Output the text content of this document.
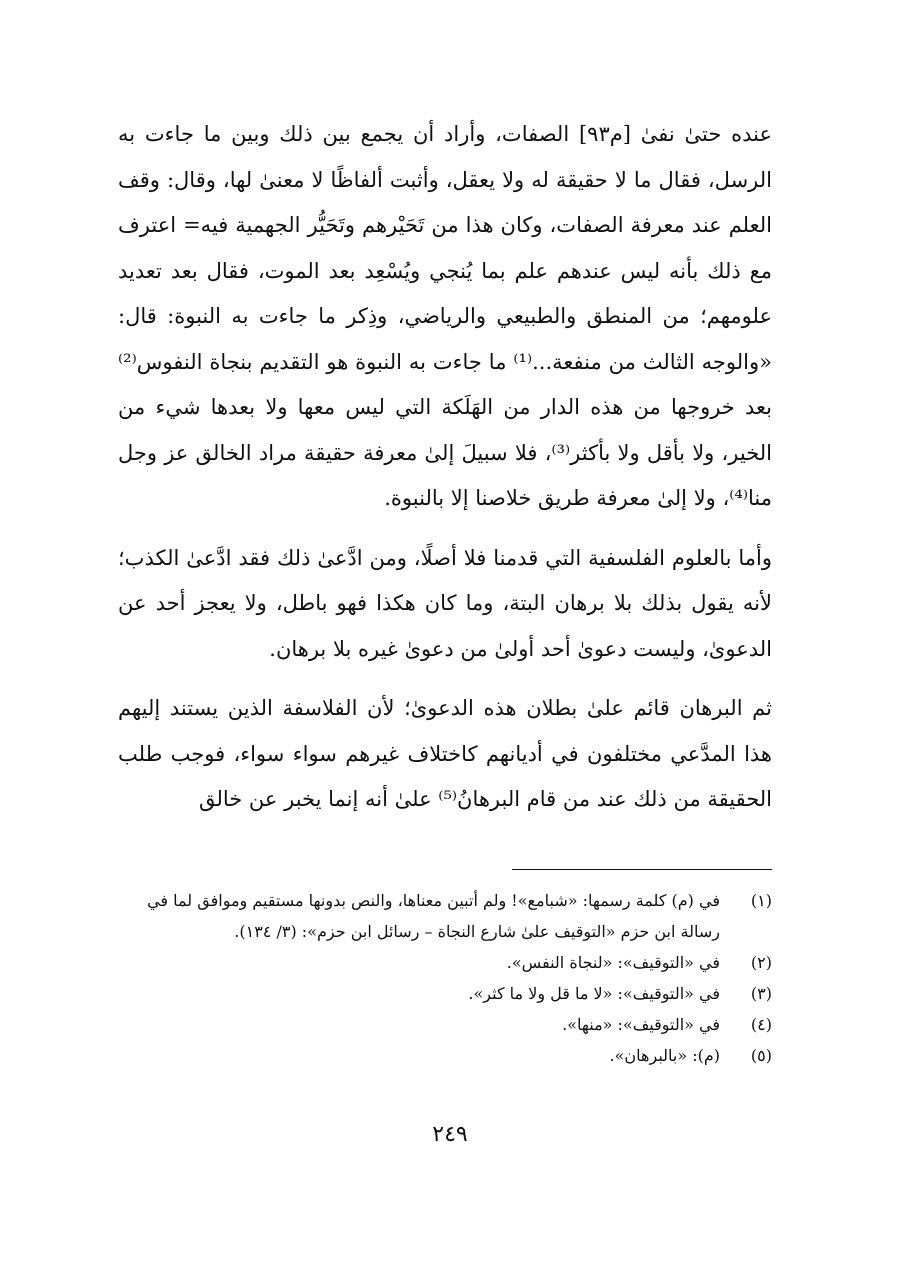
عنده حتىٰ نفىٰ [م٩٣] الصفات، وأراد أن يجمع بين ذلك وبين ما جاءت به الرسل، فقال ما لا حقيقة له ولا يعقل، وأثبت ألفاظًا لا معنىٰ لها، وقال: وقف العلم عند معرفة الصفات، وكان هذا من تَحَيْرهم وتَحَيُّر الجهمية فيه= اعترف مع ذلك بأنه ليس عندهم علم بما يُنجي ويُسْعِد بعد الموت، فقال بعد تعديد علومهم؛ من المنطق والطبيعي والرياضي، وذِكر ما جاءت به النبوة: قال: «والوجه الثالث من منفعة...⁽¹⁾ ما جاءت به النبوة هو التقديم بنجاة النفوس⁽²⁾ بعد خروجها من هذه الدار من الهَلَكة التي ليس معها ولا بعدها شيء من الخير، ولا بأقل ولا بأكثر⁽³⁾، فلا سبيلَ إلىٰ معرفة حقيقة مراد الخالق عز وجل منا⁽⁴⁾، ولا إلىٰ معرفة طريق خلاصنا إلا بالنبوة.

وأما بالعلوم الفلسفية التي قدمنا فلا أصلًا، ومن ادَّعىٰ ذلك فقد ادَّعىٰ الكذب؛ لأنه يقول بذلك بلا برهان البتة، وما كان هكذا فهو باطل، ولا يعجز أحد عن الدعوىٰ، وليست دعوىٰ أحد أولىٰ من دعوىٰ غيره بلا برهان.

ثم البرهان قائم علىٰ بطلان هذه الدعوىٰ؛ لأن الفلاسفة الذين يستند إليهم هذا المدَّعي مختلفون في أديانهم كاختلاف غيرهم سواء سواء، فوجب طلب الحقيقة من ذلك عند من قام البرهانُ⁽⁵⁾ علىٰ أنه إنما يخبر عن خالق

(١)
في (م) كلمة رسمها: «شبامع»! ولم أتبين معناها، والنص بدونها مستقيم وموافق لما في رسالة ابن حزم «التوقيف علىٰ شارع النجاة – رسائل ابن حزم»: (٣/ ١٣٤).
(٢)
في «التوقيف»: «لنجاة النفس».
(٣)
في «التوقيف»: «لا ما قل ولا ما كثر».
(٤)
في «التوقيف»: «منها».
(٥)
(م): «بالبرهان».
٢٤٩
